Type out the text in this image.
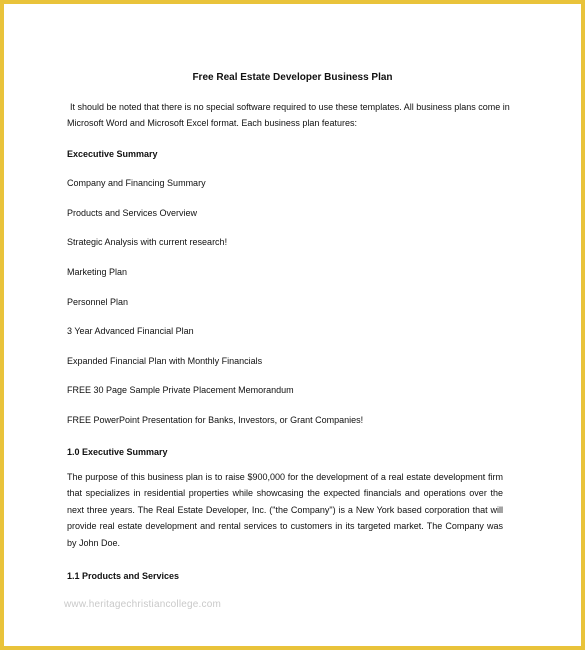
Free Real Estate Developer Business Plan
It should be noted that there is no special software required to use these templates. All business plans come in Microsoft Word and Microsoft Excel format. Each business plan features:
Excecutive Summary
Company and Financing Summary
Products and Services Overview
Strategic Analysis with current research!
Marketing Plan
Personnel Plan
3 Year Advanced Financial Plan
Expanded Financial Plan with Monthly Financials
FREE 30 Page Sample Private Placement Memorandum
FREE PowerPoint Presentation for Banks, Investors, or Grant Companies!
1.0 Executive Summary
The purpose of this business plan is to raise $900,000 for the development of a real estate development firm that specializes in residential properties while showcasing the expected financials and operations over the next three years. The Real Estate Developer, Inc. ("the Company") is a New York based corporation that will provide real estate development and rental services to customers in its targeted market. The Company was by John Doe.
1.1 Products and Services
www.heritagechristiancollege.com
